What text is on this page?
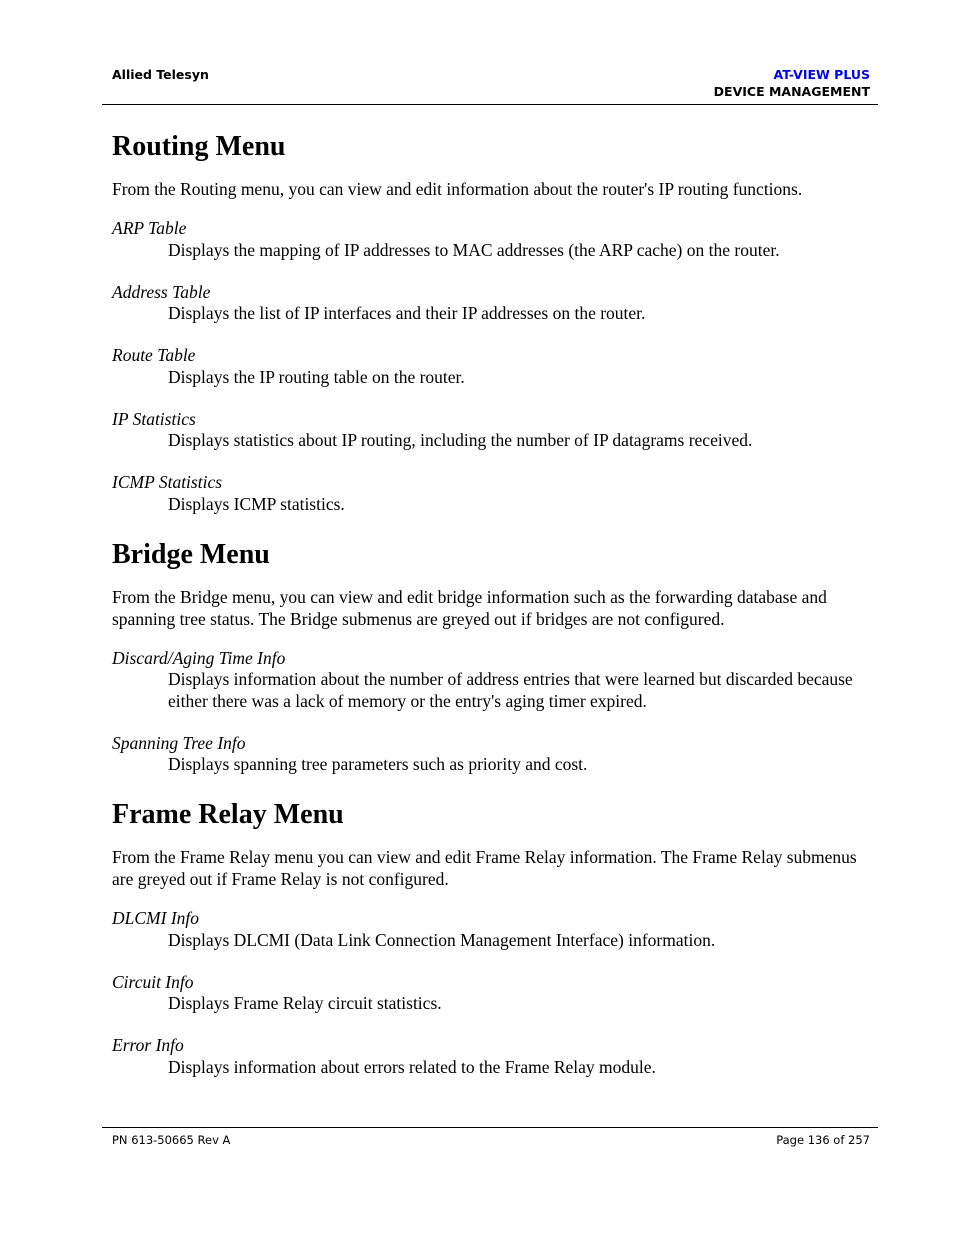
Allied Telesyn	AT-VIEW PLUS
DEVICE MANAGEMENT
Routing Menu

From the Routing menu, you can view and edit information about the router's IP routing functions.

ARP Table
Displays the mapping of IP addresses to MAC addresses (the ARP cache) on the router.
Address Table
Displays the list of IP interfaces and their IP addresses on the router.
Route Table
Displays the IP routing table on the router.
IP Statistics
Displays statistics about IP routing, including the number of IP datagrams received.
ICMP Statistics
Displays ICMP statistics.
Bridge Menu

From the Bridge menu, you can view and edit bridge information such as the forwarding database and spanning tree status. The Bridge submenus are greyed out if bridges are not configured.

Discard/Aging Time Info
Displays information about the number of address entries that were learned but discarded because either there was a lack of memory or the entry's aging timer expired.
Spanning Tree Info
Displays spanning tree parameters such as priority and cost.
Frame Relay Menu

From the Frame Relay menu you can view and edit Frame Relay information. The Frame Relay submenus are greyed out if Frame Relay is not configured.

DLCMI Info
Displays DLCMI (Data Link Connection Management Interface) information.
Circuit Info
Displays Frame Relay circuit statistics.
Error Info
Displays information about errors related to the Frame Relay module.
PN 613-50665 Rev A	Page 136 of 257
